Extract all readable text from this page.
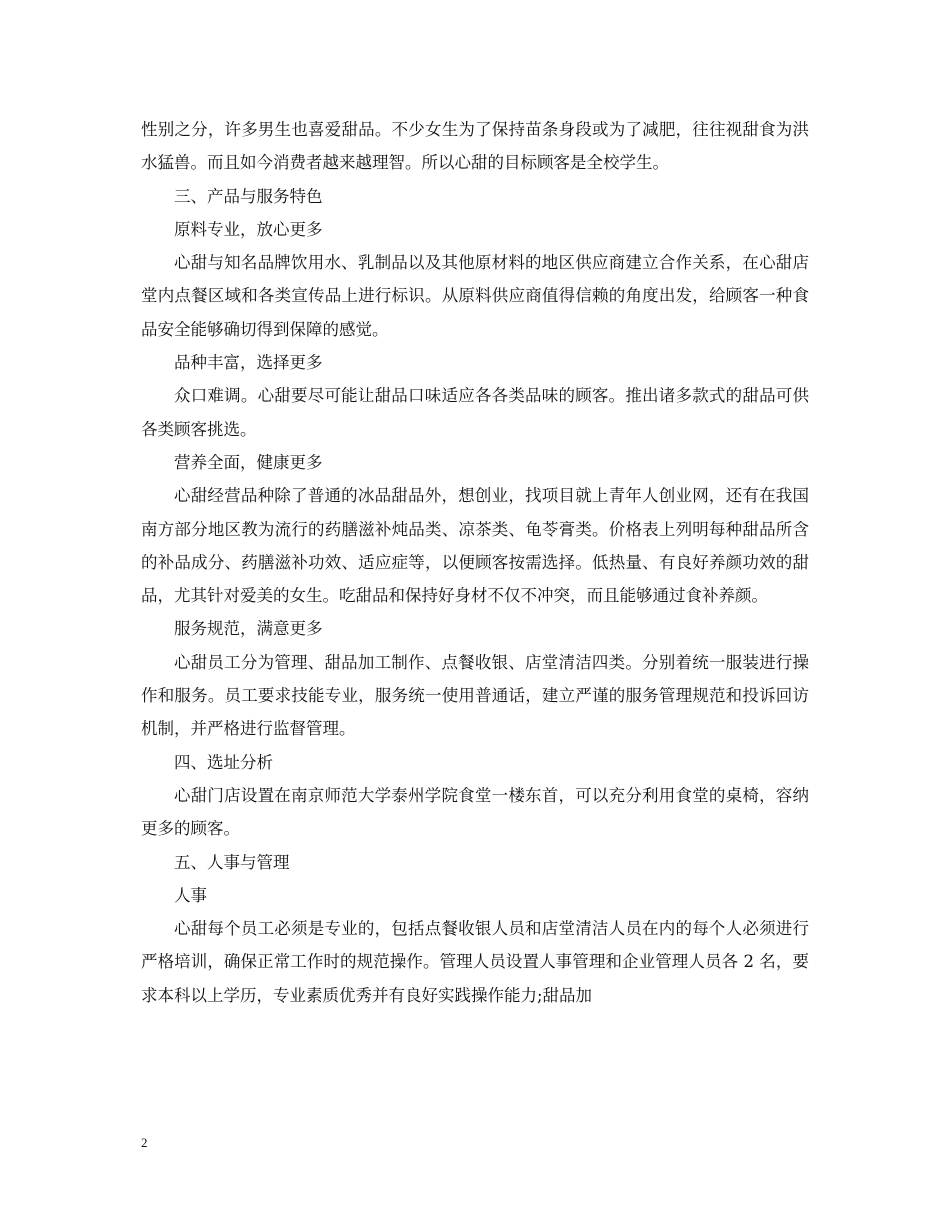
性别之分，许多男生也喜爱甜品。不少女生为了保持苗条身段或为了减肥，往往视甜食为洪水猛兽。而且如今消费者越来越理智。所以心甜的目标顾客是全校学生。

三、产品与服务特色

原料专业，放心更多

心甜与知名品牌饮用水、乳制品以及其他原材料的地区供应商建立合作关系，在心甜店堂内点餐区域和各类宣传品上进行标识。从原料供应商值得信赖的角度出发，给顾客一种食品安全能够确切得到保障的感觉。

品种丰富，选择更多

众口难调。心甜要尽可能让甜品口味适应各各类品味的顾客。推出诸多款式的甜品可供各类顾客挑选。

营养全面，健康更多

心甜经营品种除了普通的冰品甜品外，想创业，找项目就上青年人创业网，还有在我国南方部分地区教为流行的药膳滋补炖品类、凉茶类、龟苓膏类。价格表上列明每种甜品所含的补品成分、药膳滋补功效、适应症等，以便顾客按需选择。低热量、有良好养颜功效的甜品，尤其针对爱美的女生。吃甜品和保持好身材不仅不冲突，而且能够通过食补养颜。

服务规范，满意更多

心甜员工分为管理、甜品加工制作、点餐收银、店堂清洁四类。分别着统一服装进行操作和服务。员工要求技能专业，服务统一使用普通话，建立严谨的服务管理规范和投诉回访机制，并严格进行监督管理。

四、选址分析

心甜门店设置在南京师范大学泰州学院食堂一楼东首，可以充分利用食堂的桌椅，容纳更多的顾客。

五、人事与管理

人事

心甜每个员工必须是专业的，包括点餐收银人员和店堂清洁人员在内的每个人必须进行严格培训，确保正常工作时的规范操作。管理人员设置人事管理和企业管理人员各 2 名，要求本科以上学历，专业素质优秀并有良好实践操作能力;甜品加

2
